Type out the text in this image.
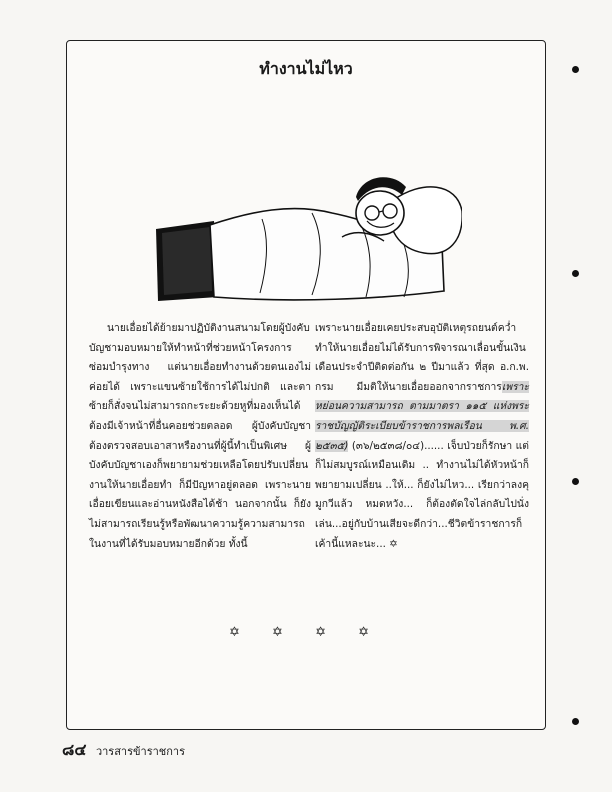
ทำงานไม่ไหว

นายเอื่อยได้ย้ายมาปฏิบัติงานสนามโดยผู้บังคับบัญชามอบหมายให้ทำหน้าที่ช่วยหน้าโครงการซ่อมบำรุงทาง แต่นายเอื่อยทำงานด้วยตนเองไม่ค่อยได้ เพราะแขนซ้ายใช้การได้ไม่ปกติ และตาซ้ายก็สั่งจนไม่สามารถกะระยะด้วยหูที่มองเห็นได้ ต้องมีเจ้าหน้าที่อื่นคอยช่วยตลอด ผู้บังคับบัญชาต้องตรวจสอบเอาสาหรืองานที่ผู้นี้ทำเป็นพิเศษ ผู้บังคับบัญชาเองก็พยายามช่วยเหลือโดยปรับเปลี่ยนงานให้นายเอื่อยทำ ก็มีปัญหาอยู่ตลอด เพราะนายเอื่อยเขียนและอ่านหนังสือได้ช้า นอกจากนั้น ก็ยังไม่สามารถเรียนรู้หรือพัฒนาความรู้ความสามารถในงานที่ได้รับมอบหมายอีกด้วย ทั้งนี้

เพราะนายเอื่อยเคยประสบอุบัติเหตุรถยนต์คว่ำทำให้นายเอื่อยไม่ได้รับการพิจารณาเลื่อนขั้นเงินเดือนประจำปีติดต่อกัน ๒ ปีมาแล้ว ที่สุด อ.ก.พ. กรม มีมติให้นายเอื่อยออกจากราชการเพราะหย่อนความสามารถ ตามมาตรา ๑๑๕ แห่งพระราชบัญญัติระเบียบข้าราชการพลเรือน พ.ศ. ๒๕๓๕) (๓๖/๒๕๓๘/๐๔)...... เจ็บป่วยก็รักษา แต่ก็ไม่สมบูรณ์เหมือนเดิม .. ทำงานไม่ได้หัวหน้าก็พยายามเปลี่ยน ..ให้... ก็ยังไม่ไหว... เรียกว่าลงคุมูกวีแล้ว หมดหวัง... ก็ต้องตัดใจไล่กลับไปนั่งเล่น...อยู่กับบ้านเสียจะดีกว่า...ชีวิตข้าราชการก็เค้านี้แหละนะ... ✡

✡ ✡ ✡ ✡
๘๔ วารสารข้าราชการ
